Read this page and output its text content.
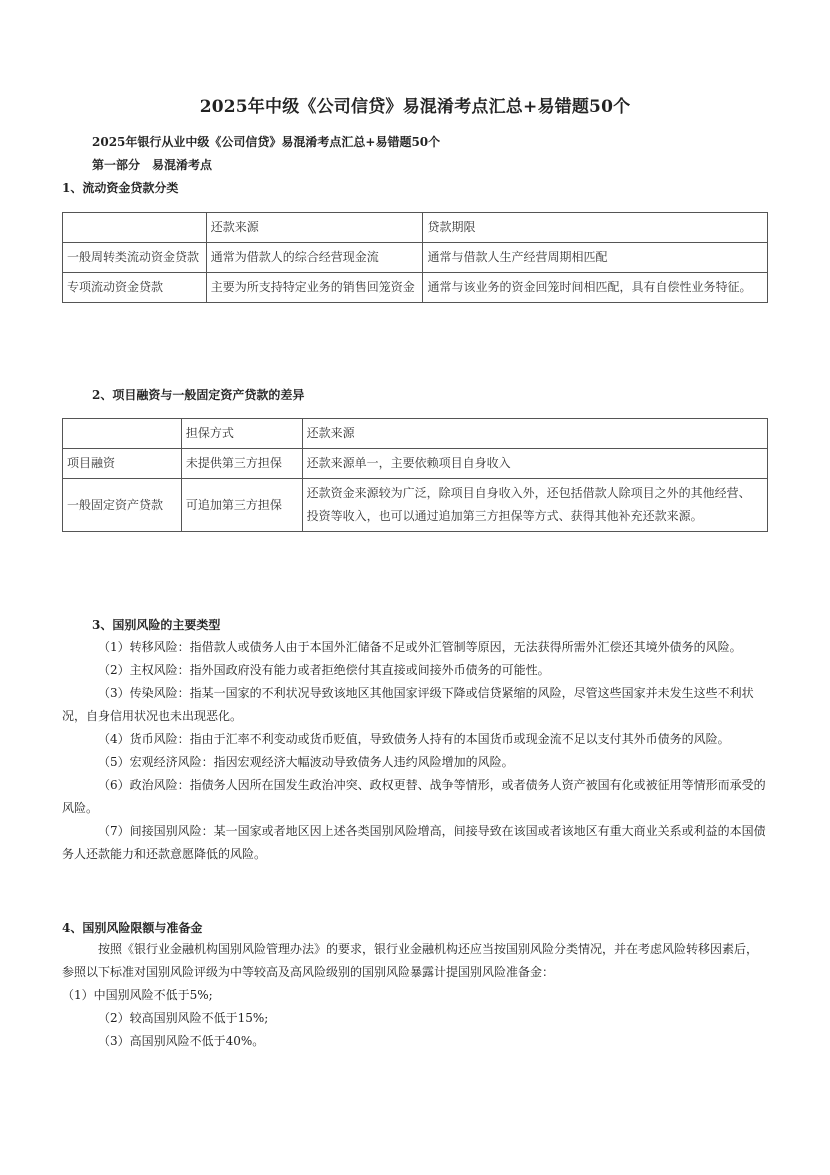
2025年中级《公司信贷》易混淆考点汇总+易错题50个
2025年银行从业中级《公司信贷》易混淆考点汇总+易错题50个
第一部分　易混淆考点
1、流动资金贷款分类
	还款来源	贷款期限
一般周转类流动资金贷款	通常为借款人的综合经营现金流	通常与借款人生产经营周期相匹配
专项流动资金贷款	主要为所支持特定业务的销售回笼资金	通常与该业务的资金回笼时间相匹配，具有自偿性业务特征。
2、项目融资与一般固定资产贷款的差异
	担保方式	还款来源
项目融资	未提供第三方担保	还款来源单一，主要依赖项目自身收入
一般固定资产贷款	可追加第三方担保	还款资金来源较为广泛，除项目自身收入外，还包括借款人除项目之外的其他经营、投资等收入，也可以通过追加第三方担保等方式、获得其他补充还款来源。
3、国别风险的主要类型

（1）转移风险：指借款人或债务人由于本国外汇储备不足或外汇管制等原因，无法获得所需外汇偿还其境外债务的风险。

（2）主权风险：指外国政府没有能力或者拒绝偿付其直接或间接外币债务的可能性。

（3）传染风险：指某一国家的不利状况导致该地区其他国家评级下降或信贷紧缩的风险，尽管这些国家并未发生这些不利状况，自身信用状况也未出现恶化。

（4）货币风险：指由于汇率不利变动或货币贬值，导致债务人持有的本国货币或现金流不足以支付其外币债务的风险。

（5）宏观经济风险：指因宏观经济大幅波动导致债务人违约风险增加的风险。

（6）政治风险：指债务人因所在国发生政治冲突、政权更替、战争等情形，或者债务人资产被国有化或被征用等情形而承受的风险。

（7）间接国别风险：某一国家或者地区因上述各类国别风险增高，间接导致在该国或者该地区有重大商业关系或利益的本国债务人还款能力和还款意愿降低的风险。

4、国别风险限额与准备金

按照《银行业金融机构国别风险管理办法》的要求，银行业金融机构还应当按国别风险分类情况，并在考虑风险转移因素后，参照以下标准对国别风险评级为中等较高及高风险级别的国别风险暴露计提国别风险准备金：

（1）中国别风险不低于5%;

（2）较高国别风险不低于15%;

（3）高国别风险不低于40%。
